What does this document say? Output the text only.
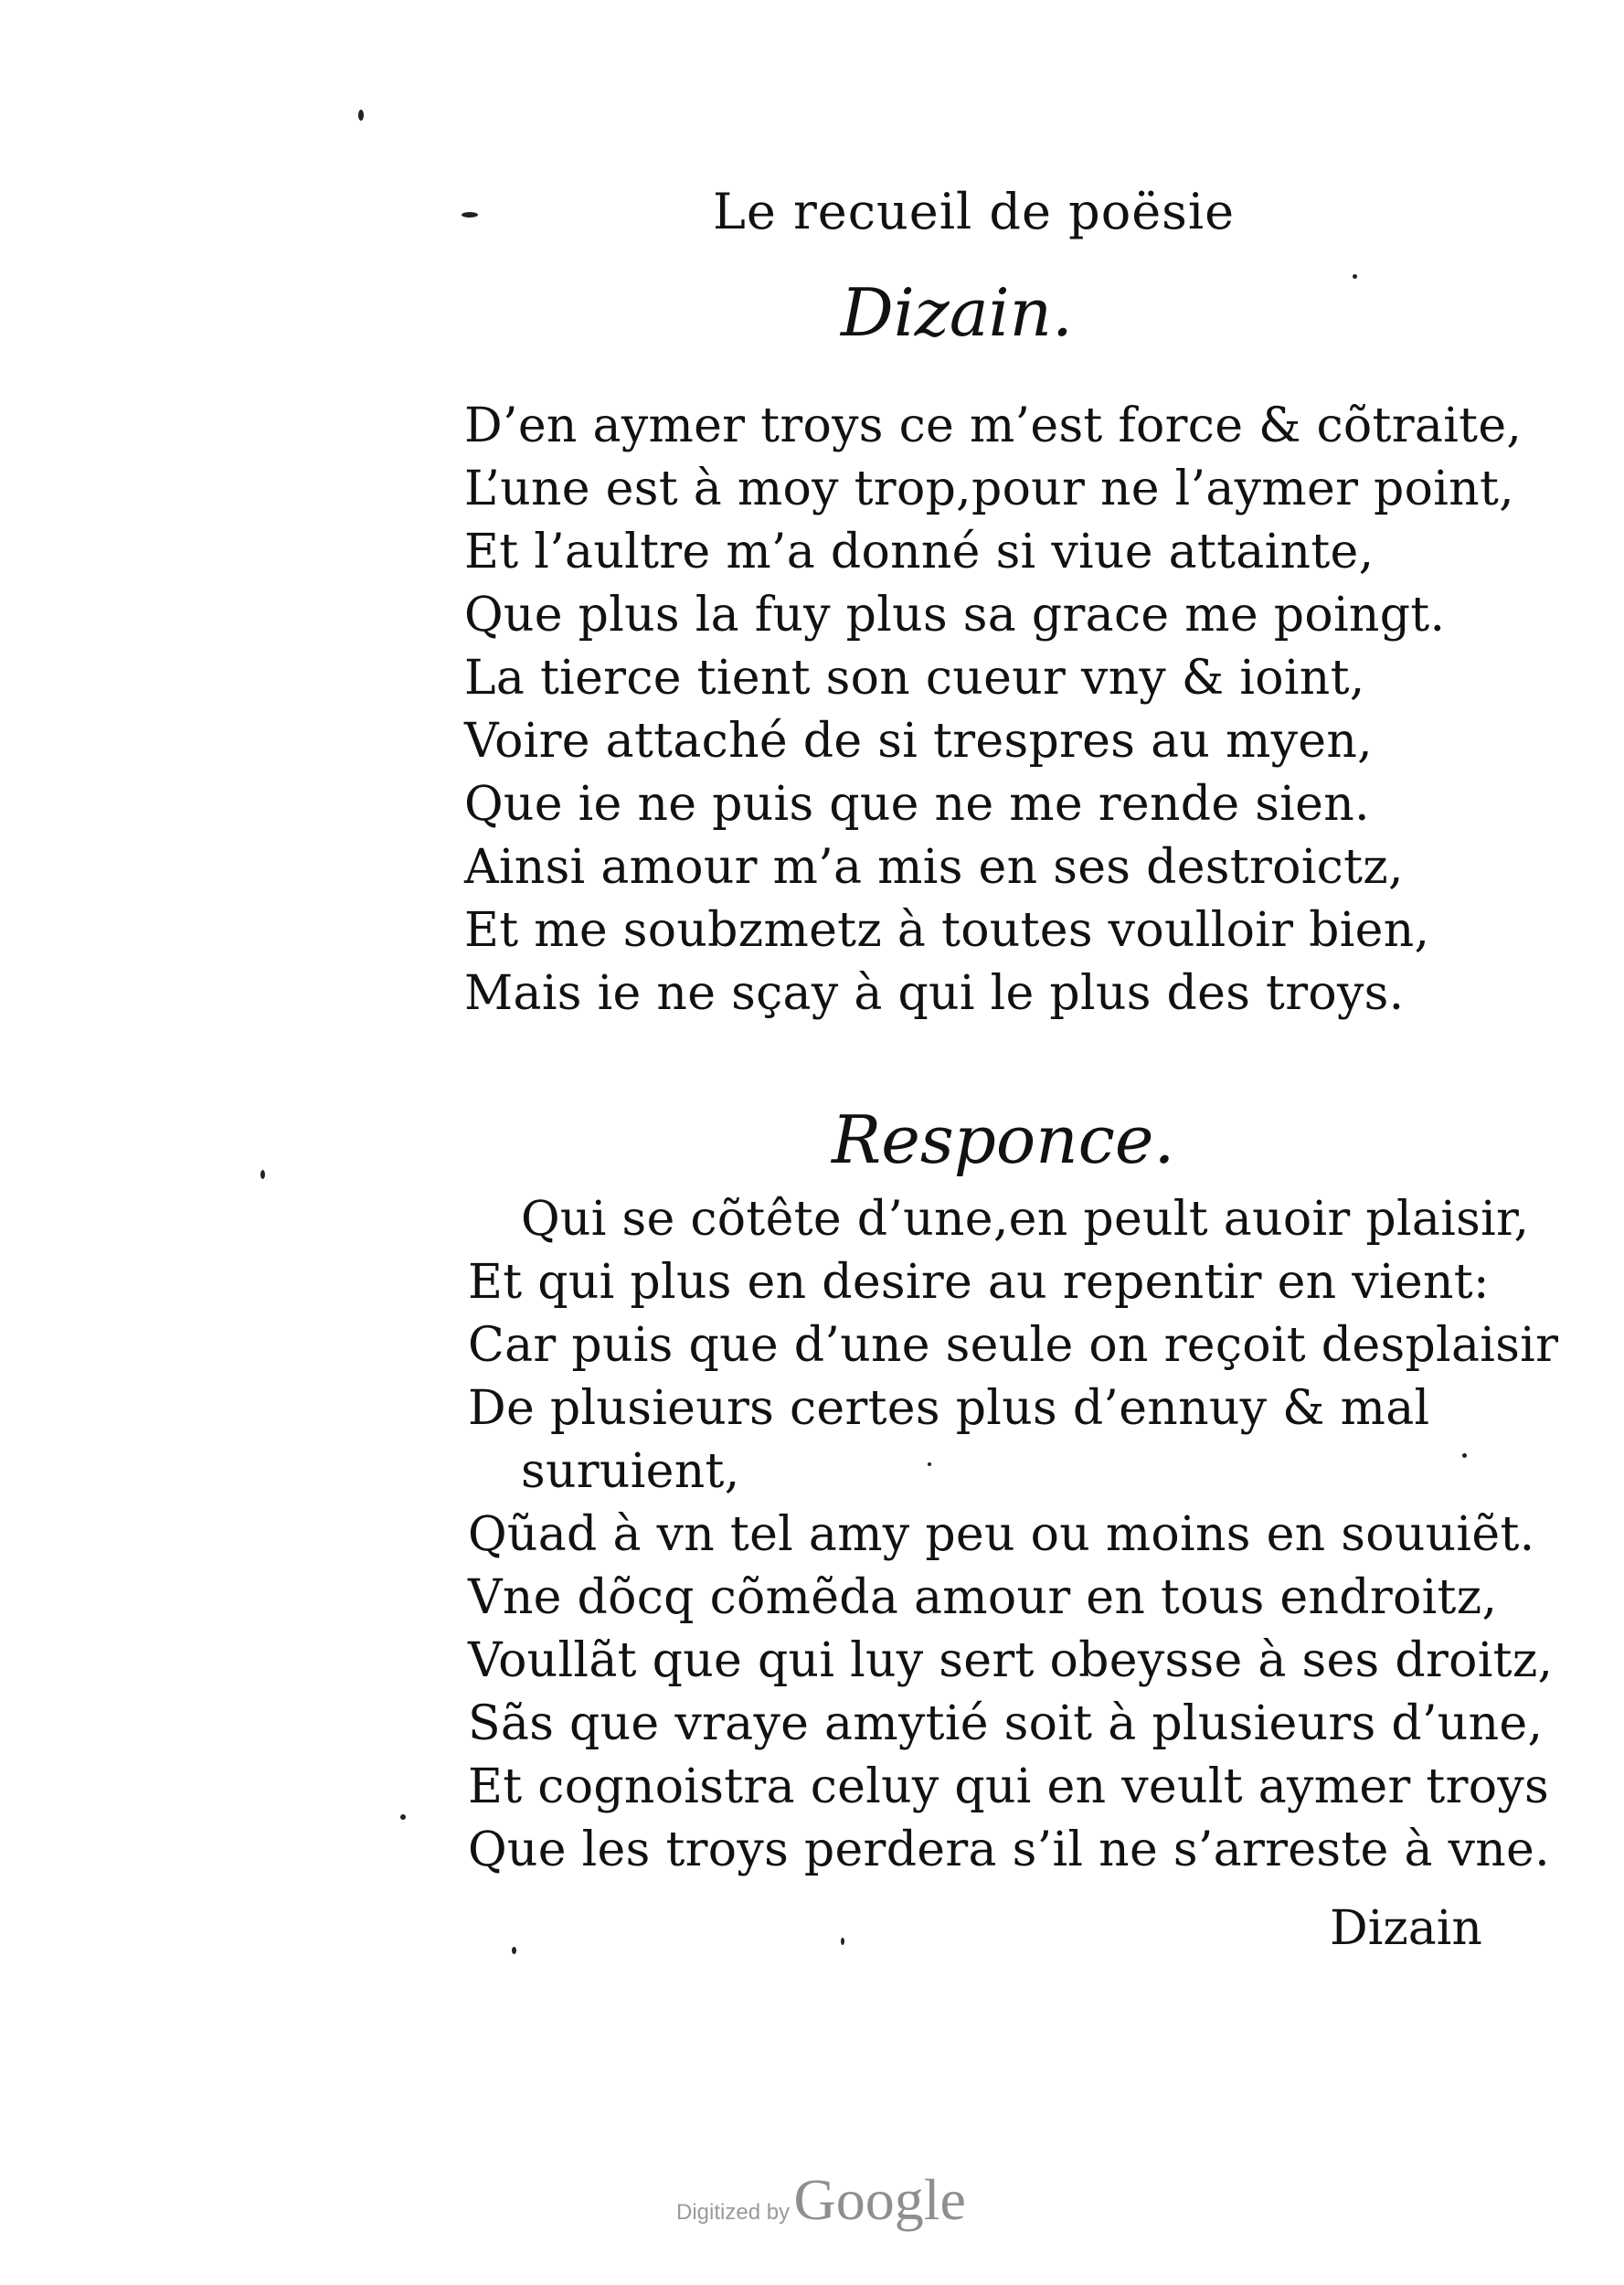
Le recueil de poësie
Dizain.
D’en aymer troys ce m’est force & cõtraite,
L’une est à moy trop,pour ne l’aymer point,
Et l’aultre m’a donné si viue attainte,
Que plus la fuy plus sa grace me poingt.
La tierce tient son cueur vny & ioint,
Voire attaché de si trespres au myen,
Que ie ne puis que ne me rende sien.
Ainsi amour m’a mis en ses destroictz,
Et me soubzmetz à toutes voulloir bien,
Mais ie ne sçay à qui le plus des troys.
Responce.
Qui se cõtête d’une,en peult auoir plaisir,
Et qui plus en desire au repentir en vient:
Car puis que d’une seule on reçoit desplaisir
De plusieurs certes plus d’ennuy & mal
suruient,
Qũad à vn tel amy peu ou moins en souuiẽt.
Vne dõcq cõmẽda amour en tous endroitz,
Voullãt que qui luy sert obeysse à ses droitz,
Sãs que vraye amytié soit à plusieurs d’une,
Et cognoistra celuy qui en veult aymer troys
Que les troys perdera s’il ne s’arreste à vne.
Dizain
Digitized by Google
